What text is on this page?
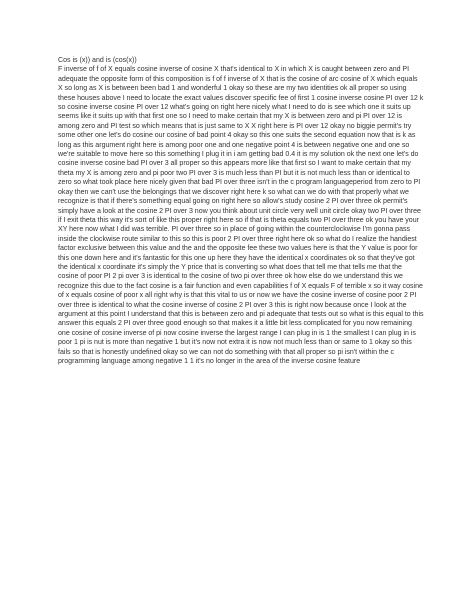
Cos is (x)) and is (cos(x))

F inverse of f of X equals cosine inverse of cosine X that's identical to X in which X is caught between zero and PI adequate the opposite form of this composition is f of f inverse of X that is the cosine of arc cosine of X which equals X so long as X is between been bad 1 and wonderful 1 okay so these are my two identities ok all proper so using these houses above I need to locate the exact values discover specific fee of first 1 cosine inverse cosine PI over 12 k so cosine inverse cosine PI over 12 what's going on right here nicely what I need to do is see which one it suits up seems like it suits up with that first one so I need to make certain that my X is between zero and pi PI over 12 is among zero and PI test so which means that is just same to X X right here is PI over 12 okay no biggie permit's try some other one let's do cosine our cosine of bad point 4 okay so this one suits the second equation now that is k as long as this argument right here is among poor one and one negative point 4 is between negative one and one so we're suitable to move here so this something I plug it in i am getting bad 0.4 it is my solution ok the next one let's do cosine inverse cosine bad PI over 3 all proper so this appears more like that first so I want to make certain that my theta my X is among zero and pi poor two PI over 3 is much less than PI but it is not much less than or identical to zero so what took place here nicely given that bad PI over three isn't in the c program languageperiod from zero to PI okay then we can't use the belongings that we discover right here k so what can we do with that properly what we recognize is that if there's something equal going on right here so allow's study cosine 2 PI over three ok permit's simply have a look at the cosine 2 PI over 3 now you think about unit circle very well unit circle okay two PI over three if I exit theta this way it's sort of like this proper right here so if that is theta equals two PI over three ok you have your XY here now what I did was terrible. PI over three so in place of going within the counterclockwise I'm gonna pass inside the clockwise route similar to this so this is poor 2 PI over three right here ok so what do I realize the handiest factor exclusive between this value and the and the opposite fee these two values here is that the Y value is poor for this one down here and it's fantastic for this one up here they have the identical x coordinates ok so that they've got the identical x coordinate it's simply the Y price that is converting so what does that tell me that tells me that the cosine of poor PI 2 pi over 3 is identical to the cosine of two pi over three ok how else do we understand this we recognize this due to the fact cosine is a fair function and even capabilities f of X equals F of terrible x so it way cosine of x equals cosine of poor x all right why is that this vital to us or now we have the cosine inverse of cosine poor 2 PI over three is identical to what the cosine inverse of cosine 2 PI over 3 this is right now because once I look at the argument at this point I understand that this is between zero and pi adequate that tests out so what is this equal to this answer this equals 2 PI over three good enough so that makes it a little bit less complicated for you now remaining one cosine of cosine inverse of pi now cosine inverse the largest range I can plug in is 1 the smallest I can plug in is poor 1 pi is nut is more than negative 1 but it's now not extra it is now not much less than or same to 1 okay so this fails so that is honestly undefined okay so we can not do something with that all proper so pi isn't within the c programming language among negative 1 1 it's no longer in the area of the inverse cosine feature
